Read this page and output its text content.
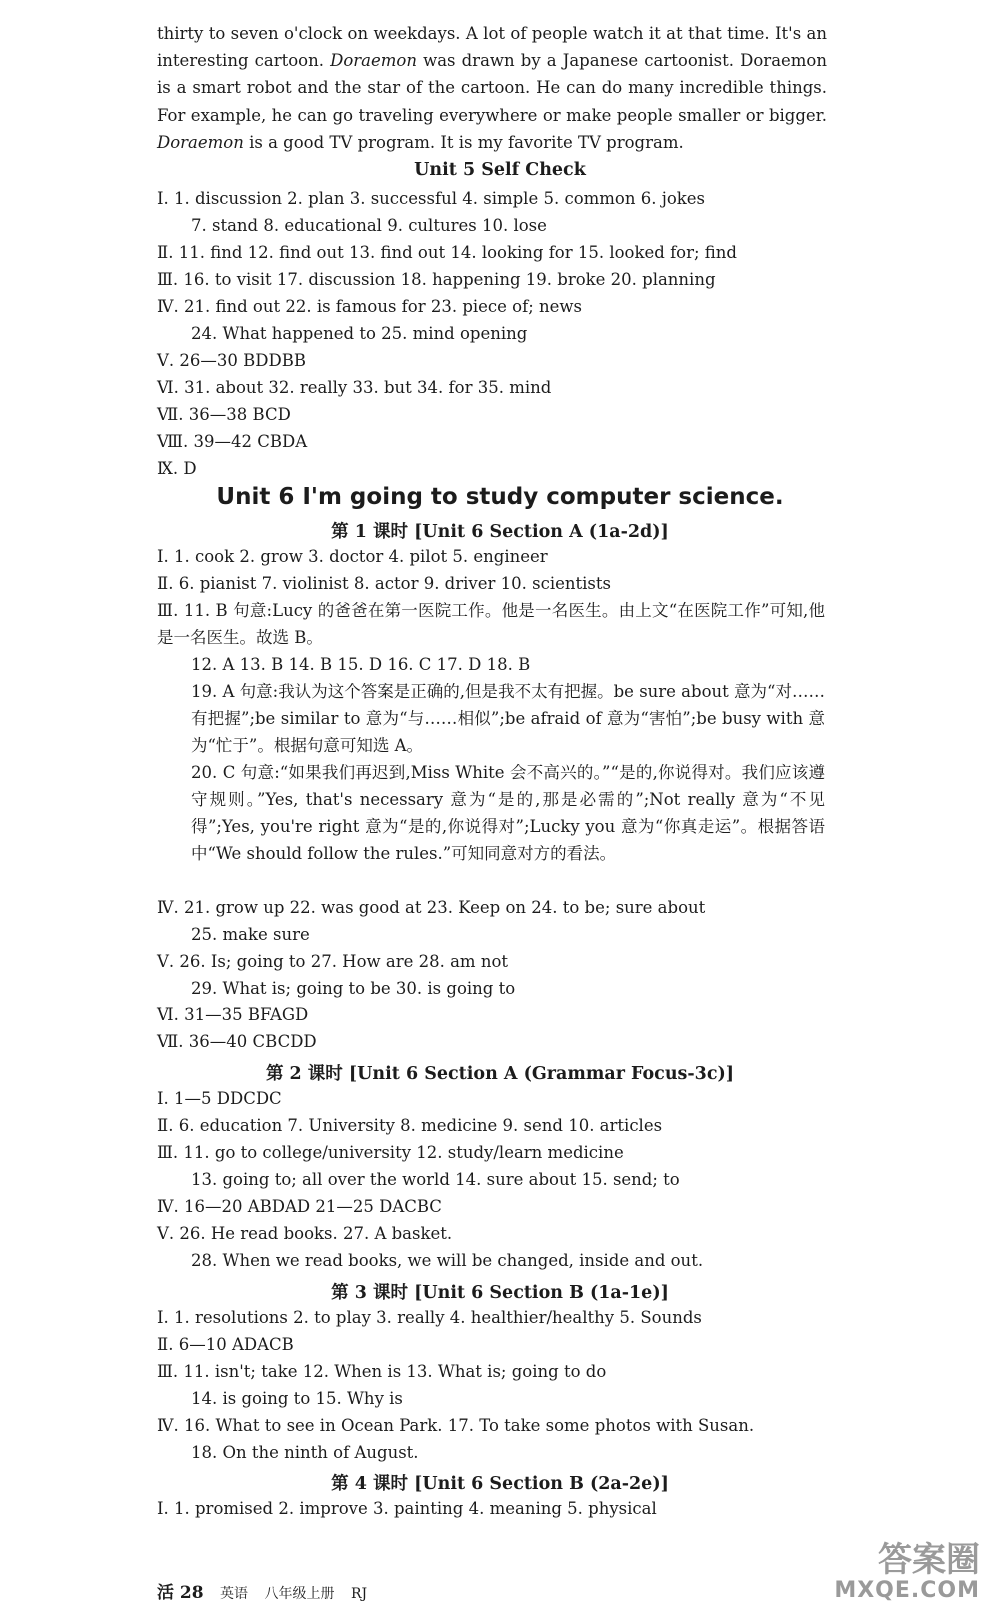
thirty to seven o'clock on weekdays. A lot of people watch it at that time. It's an interesting cartoon. Doraemon was drawn by a Japanese cartoonist. Doraemon is a smart robot and the star of the cartoon. He can do many incredible things. For example, he can go traveling everywhere or make people smaller or bigger. Doraemon is a good TV program. It is my favorite TV program.

Unit 5 Self Check

Ⅰ. 1. discussion 2. plan 3. successful 4. simple 5. common 6. jokes

7. stand 8. educational 9. cultures 10. lose

Ⅱ. 11. find 12. find out 13. find out 14. looking for 15. looked for; find

Ⅲ. 16. to visit 17. discussion 18. happening 19. broke 20. planning

Ⅳ. 21. find out 22. is famous for 23. piece of; news

24. What happened to 25. mind opening

Ⅴ. 26—30 BDDBB

Ⅵ. 31. about 32. really 33. but 34. for 35. mind

Ⅶ. 36—38 BCD

Ⅷ. 39—42 CBDA

Ⅸ. D

Unit 6 I'm going to study computer science.

第 1 课时 [Unit 6 Section A (1a-2d)]

Ⅰ. 1. cook 2. grow 3. doctor 4. pilot 5. engineer

Ⅱ. 6. pianist 7. violinist 8. actor 9. driver 10. scientists

Ⅲ. 11. B 句意:Lucy 的爸爸在第一医院工作。他是一名医生。由上文“在医院工作”可知,他是一名医生。故选 B。

12. A 13. B 14. B 15. D 16. C 17. D 18. B

19. A 句意:我认为这个答案是正确的,但是我不太有把握。be sure about 意为“对……有把握”;be similar to 意为“与……相似”;be afraid of 意为“害怕”;be busy with 意为“忙于”。根据句意可知选 A。

20. C 句意:“如果我们再迟到,Miss White 会不高兴的。”“是的,你说得对。我们应该遵守规则。”Yes, that's necessary 意为“是的,那是必需的”;Not really 意为“不见得”;Yes, you're right 意为“是的,你说得对”;Lucky you 意为“你真走运”。根据答语中“We should follow the rules.”可知同意对方的看法。

Ⅳ. 21. grow up 22. was good at 23. Keep on 24. to be; sure about

25. make sure

Ⅴ. 26. Is; going to 27. How are 28. am not

29. What is; going to be 30. is going to

Ⅵ. 31—35 BFAGD

Ⅶ. 36—40 CBCDD

第 2 课时 [Unit 6 Section A (Grammar Focus-3c)]

Ⅰ. 1—5 DDCDC

Ⅱ. 6. education 7. University 8. medicine 9. send 10. articles

Ⅲ. 11. go to college/university 12. study/learn medicine

13. going to; all over the world 14. sure about 15. send; to

Ⅳ. 16—20 ABDAD 21—25 DACBC

Ⅴ. 26. He read books. 27. A basket.

28. When we read books, we will be changed, inside and out.

第 3 课时 [Unit 6 Section B (1a-1e)]

Ⅰ. 1. resolutions 2. to play 3. really 4. healthier/healthy 5. Sounds

Ⅱ. 6—10 ADACB

Ⅲ. 11. isn't; take 12. When is 13. What is; going to do

14. is going to 15. Why is

Ⅳ. 16. What to see in Ocean Park. 17. To take some photos with Susan.

18. On the ninth of August.

第 4 课时 [Unit 6 Section B (2a-2e)]

Ⅰ. 1. promised 2. improve 3. painting 4. meaning 5. physical

活 28 英语 八年级上册 RJ
答案圈
MXQE.COM
